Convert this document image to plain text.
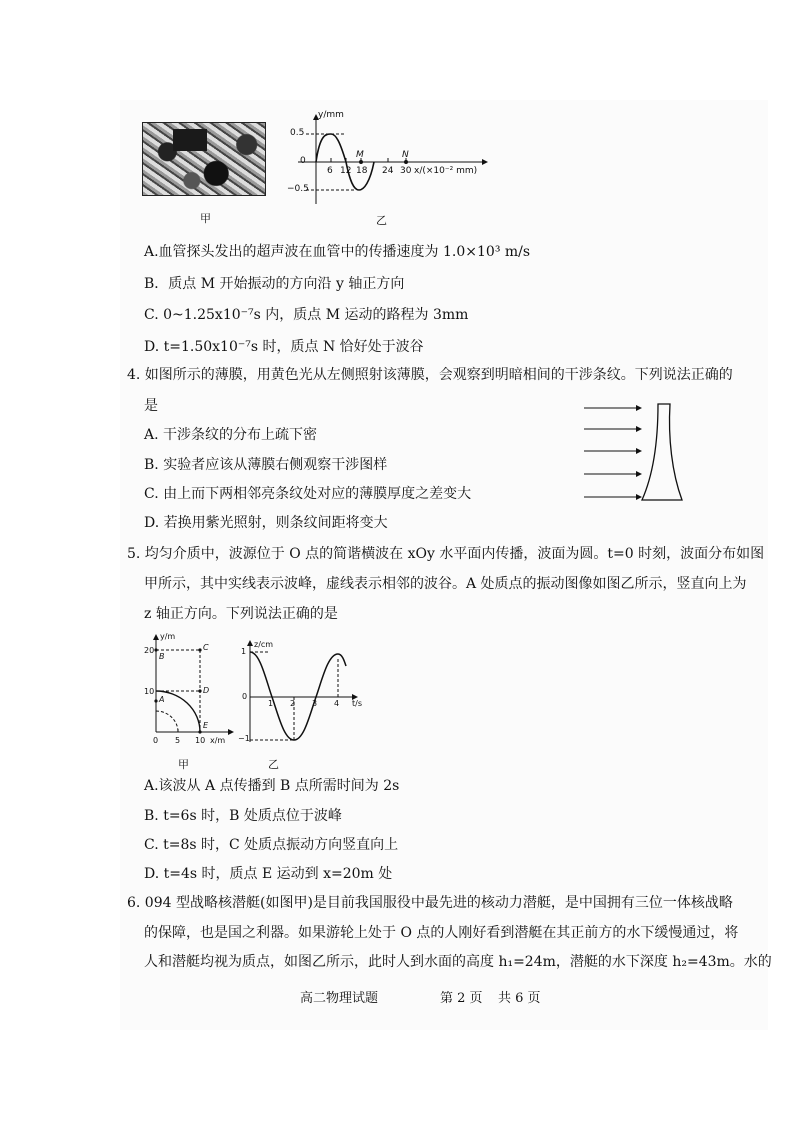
甲
y/mm
0.5
0
−0.5
6 12 18 24 30
M	N
x/(×10⁻² mm)
乙
A.血管探头发出的超声波在血管中的传播速度为 1.0×10³ m/s
B．质点 M 开始振动的方向沿 y 轴正方向
C. 0~1.25x10⁻⁷s 内，质点 M 运动的路程为 3mm
D. t=1.50x10⁻⁷s 时，质点 N 恰好处于波谷
4. 如图所示的薄膜，用黄色光从左侧照射该薄膜，会观察到明暗相间的干涉条纹。下列说法正确的
是
A. 干涉条纹的分布上疏下密
B. 实验者应该从薄膜右侧观察干涉图样
C. 由上而下两相邻亮条纹处对应的薄膜厚度之差变大
D. 若换用紫光照射，则条纹间距将变大
5. 均匀介质中，波源位于 O 点的简谐横波在 xOy 水平面内传播，波面为圆。t=0 时刻，波面分布如图
甲所示，其中实线表示波峰，虚线表示相邻的波谷。A 处质点的振动图像如图乙所示，竖直向上为
z 轴正方向。下列说法正确的是
y/m
20
10
B
C
A
D
E
0 5 10 x/m
甲
z/cm
1
0
−1
1 2 3 4 t/s
乙
A.该波从 A 点传播到 B 点所需时间为 2s
B. t=6s 时，B 处质点位于波峰
C. t=8s 时，C 处质点振动方向竖直向上
D. t=4s 时，质点 E 运动到 x=20m 处
6. 094 型战略核潜艇(如图甲)是目前我国服役中最先进的核动力潜艇，是中国拥有三位一体核战略
的保障，也是国之利器。如果游轮上处于 O 点的人刚好看到潜艇在其正前方的水下缓慢通过，将
人和潜艇均视为质点，如图乙所示，此时人到水面的高度 h₁=24m，潜艇的水下深度 h₂=43m。水的
高二物理试题	第 2 页 共 6 页
